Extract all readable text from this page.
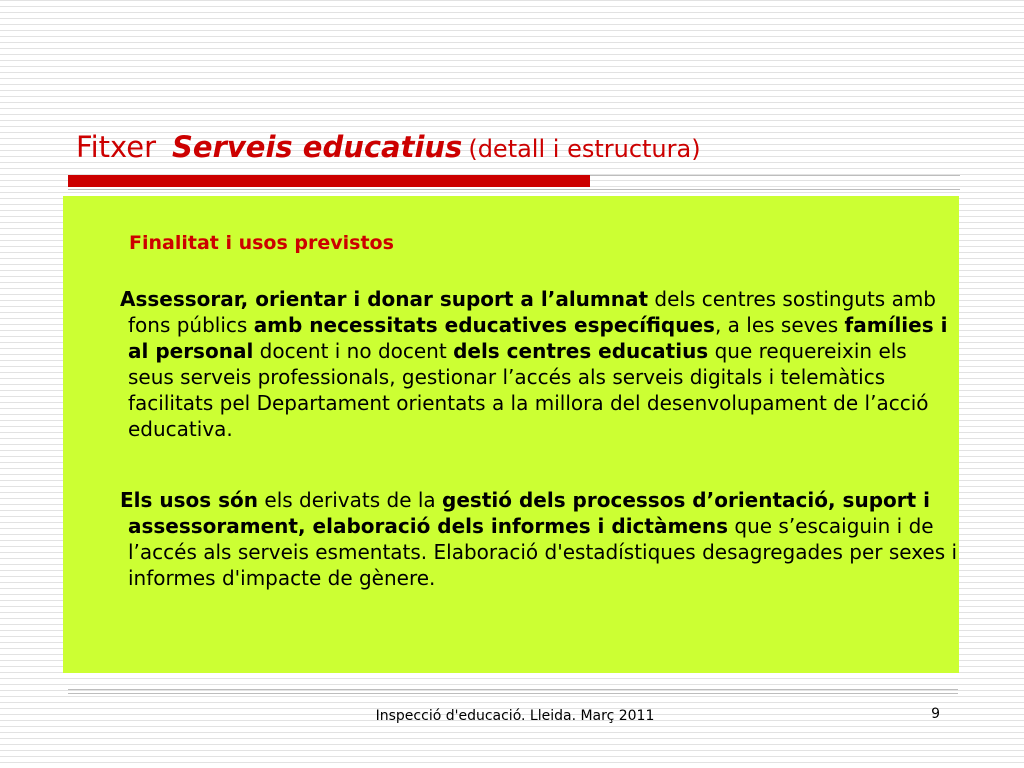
Fitxer Serveis educatius (detall i estructura)
Finalitat i usos previstos

Assessorar, orientar i donar suport a l’alumnat dels centres sostinguts amb fons públics amb necessitats educatives específiques, a les seves famílies i al personal docent i no docent dels centres educatius que requereixin els seus serveis professionals, gestionar l’accés als serveis digitals i telemàtics facilitats pel Departament orientats a la millora del desenvolupament de l’acció educativa.

Els usos són els derivats de la gestió dels processos d’orientació, suport i assessorament, elaboració dels informes i dictàmens que s’escaiguin i de l’accés als serveis esmentats. Elaboració d'estadístiques desagregades per sexes i informes d'impacte de gènere.

Inspecció d'educació. Lleida. Març 2011	9
